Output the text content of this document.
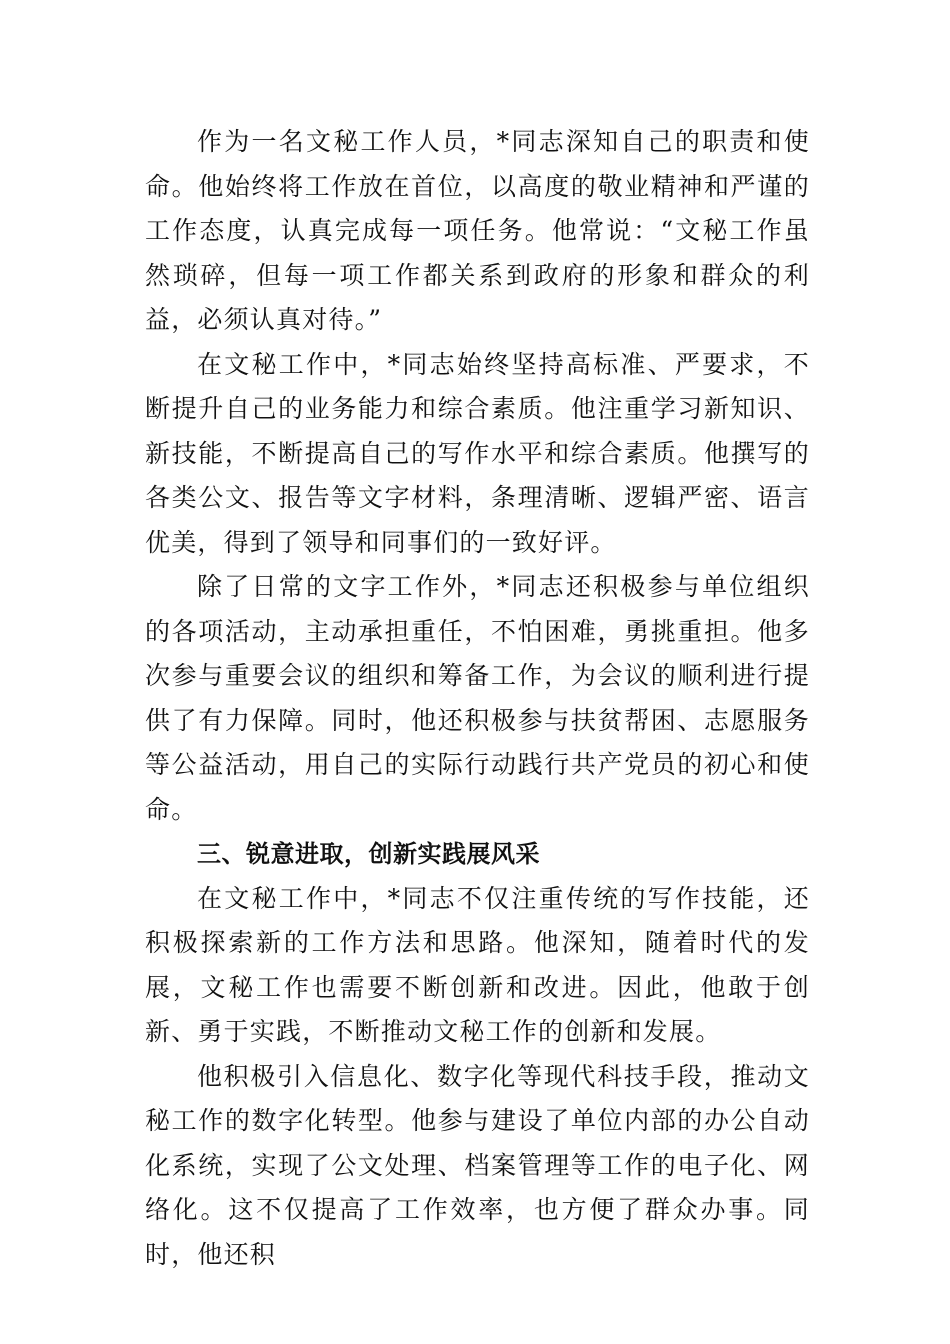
作为一名文秘工作人员，*同志深知自己的职责和使命。他始终将工作放在首位，以高度的敬业精神和严谨的工作态度，认真完成每一项任务。他常说：“文秘工作虽然琐碎，但每一项工作都关系到政府的形象和群众的利益，必须认真对待。”

在文秘工作中，*同志始终坚持高标准、严要求，不断提升自己的业务能力和综合素质。他注重学习新知识、新技能，不断提高自己的写作水平和综合素质。他撰写的各类公文、报告等文字材料，条理清晰、逻辑严密、语言优美，得到了领导和同事们的一致好评。

除了日常的文字工作外，*同志还积极参与单位组织的各项活动，主动承担重任，不怕困难，勇挑重担。他多次参与重要会议的组织和筹备工作，为会议的顺利进行提供了有力保障。同时，他还积极参与扶贫帮困、志愿服务等公益活动，用自己的实际行动践行共产党员的初心和使命。

三、锐意进取，创新实践展风采

在文秘工作中，*同志不仅注重传统的写作技能，还积极探索新的工作方法和思路。他深知，随着时代的发展，文秘工作也需要不断创新和改进。因此，他敢于创新、勇于实践，不断推动文秘工作的创新和发展。

他积极引入信息化、数字化等现代科技手段，推动文秘工作的数字化转型。他参与建设了单位内部的办公自动化系统，实现了公文处理、档案管理等工作的电子化、网络化。这不仅提高了工作效率，也方便了群众办事。同时，他还积
